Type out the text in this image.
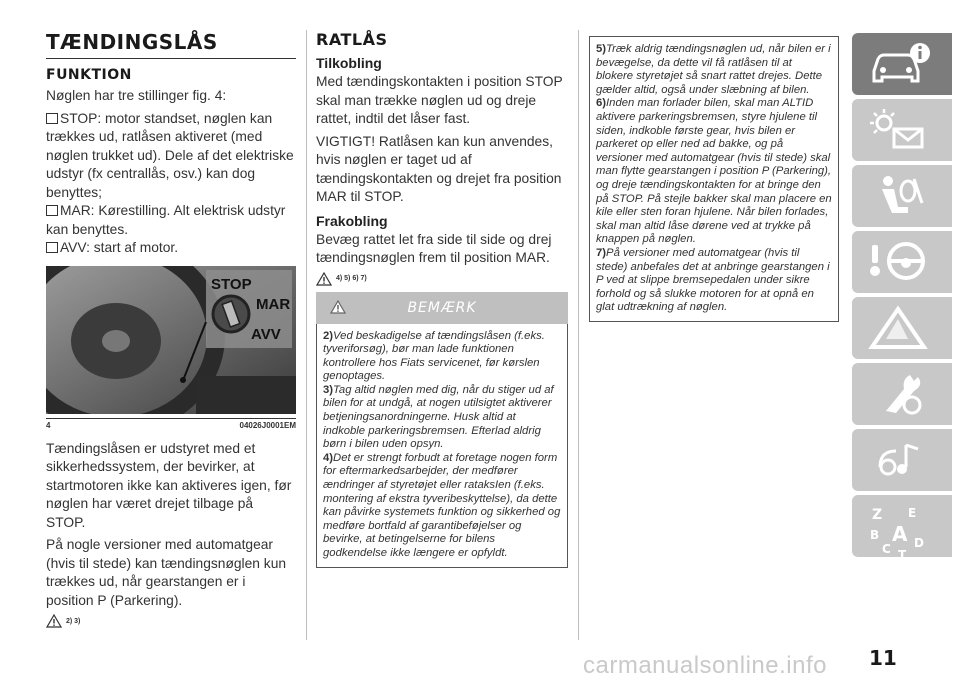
TÆNDINGSLÅS
FUNKTION

Nøglen har tre stillinger fig. 4:

STOP: motor standset, nøglen kan trækkes ud, ratlåsen aktiveret (med nøglen trukket ud). Dele af det elektriske udstyr (fx centrallås, osv.) kan dog benyttes;
MAR: Kørestilling. Alt elektrisk udstyr kan benyttes.
AVV: start af motor.
STOP
MAR
AVV
4	04026J0001EM

Tændingslåsen er udstyret med et sikkerhedssystem, der bevirker, at startmotoren ikke kan aktiveres igen, før nøglen har været drejet tilbage på STOP.

På nogle versioner med automatgear (hvis til stede) kan tændingsnøglen kun trækkes ud, når gearstangen er i position P (Parkering).

2) 3)
RATLÅS
Tilkobling

Med tændingskontakten i position STOP skal man trække nøglen ud og dreje rattet, indtil det låser fast.

VIGTIGT! Ratlåsen kan kun anvendes, hvis nøglen er taget ud af tændingskontakten og drejet fra position MAR til STOP.

Frakobling

Bevæg rattet let fra side til side og drej tændingsnøglen frem til position MAR.

4) 5) 6) 7)
BEMÆRK
2)Ved beskadigelse af tændingslåsen (f.eks. tyveriforsøg), bør man lade funktionen kontrollere hos Fiats servicenet, før kørslen genoptages.
3)Tag altid nøglen med dig, når du stiger ud af bilen for at undgå, at nogen utilsigtet aktiverer betjeningsanordningerne. Husk altid at indkoble parkeringsbremsen. Efterlad aldrig børn i bilen uden opsyn.
4)Det er strengt forbudt at foretage nogen form for eftermarkedsarbejder, der medfører ændringer af styretøjet eller rataksIen (f.eks. montering af ekstra tyveribeskyttelse), da dette kan påvirke systemets funktion og sikkerhed og medføre bortfald af garantibeføjelser og bevirke, at betingelserne for bilens godkendelse ikke længere er opfyldt.
5)Træk aldrig tændingsnøglen ud, når bilen er i bevægelse, da dette vil få ratlåsen til at blokere styretøjet så snart rattet drejes. Dette gælder altid, også under slæbning af bilen.
6)Inden man forlader bilen, skal man ALTID aktivere parkeringsbremsen, styre hjulene til siden, indkoble første gear, hvis bilen er parkeret op eller ned ad bakke, og på versioner med automatgear (hvis til stede) skal man flytte gearstangen i position P (Parkering), og dreje tændingskontakten for at bringe den på STOP. På stejle bakker skal man placere en kile eller sten foran hjulene. Når bilen forlades, skal man altid låse dørene ved at trykke på knappen på nøglen.
7)På versioner med automatgear (hvis til stede) anbefales det at anbringe gearstangen i P ved at slippe bremsepedalen under sikre forhold og så slukke motoren for at opnå en glat udtrækning af nøglen.
Z E
B A
C D
T
11
carmanualsonline.info
